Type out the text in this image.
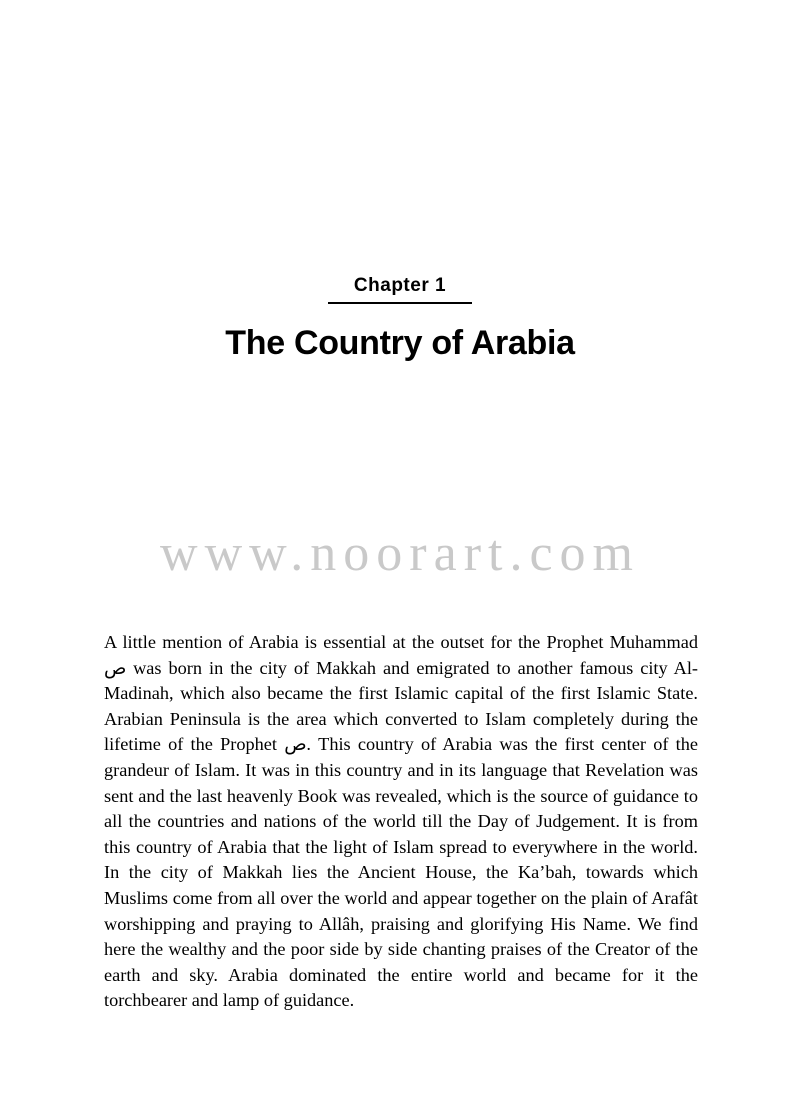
Chapter 1
The Country of Arabia
www.noorart.com

A little mention of Arabia is essential at the outset for the Prophet Muhammad ص was born in the city of Makkah and emigrated to another famous city Al-Madinah, which also became the first Islamic capital of the first Islamic State. Arabian Peninsula is the area which converted to Islam completely during the lifetime of the Prophet ص. This country of Arabia was the first center of the grandeur of Islam. It was in this country and in its language that Revelation was sent and the last heavenly Book was revealed, which is the source of guidance to all the countries and nations of the world till the Day of Judgement. It is from this country of Arabia that the light of Islam spread to everywhere in the world. In the city of Makkah lies the Ancient House, the Ka’bah, towards which Muslims come from all over the world and appear together on the plain of Arafât worshipping and praying to Allâh, praising and glorifying His Name. We find here the wealthy and the poor side by side chanting praises of the Creator of the earth and sky. Arabia dominated the entire world and became for it the torchbearer and lamp of guidance.
